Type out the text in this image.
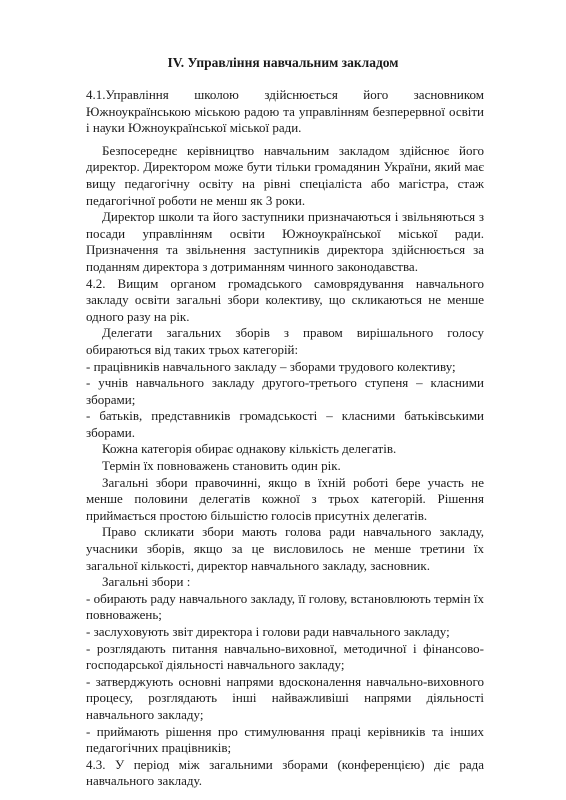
IV. Управління навчальним закладом

4.1.Управління школою здійснюється його засновником Южноукраїнською міською радою та управлінням безперервної освіти і науки Южноукраїнської міської ради.

Безпосереднє керівництво навчальним закладом здійснює його директор. Директором може бути тільки громадянин України, який має вищу педагогічну освіту на рівні спеціаліста або магістра, стаж педагогічної роботи не менш як 3 роки.

Директор школи та його заступники призначаються і звільняються з посади управлінням освіти Южноукраїнської міської ради. Призначення та звільнення заступників директора здійснюється за поданням директора з дотриманням чинного законодавства.

4.2. Вищим органом громадського самоврядування навчального закладу освіти загальні збори колективу, що скликаються не менше одного разу на рік.

Делегати загальних зборів з правом вирішального голосу обираються від таких трьох категорій:

- працівників навчального закладу – зборами трудового колективу;

- учнів навчального закладу другого-третього ступеня – класними зборами;

- батьків, представників громадськості – класними батьківськими зборами.

Кожна категорія обирає однакову кількість делегатів.

Термін їх повноважень становить один рік.

Загальні збори правочинні, якщо в їхній роботі бере участь не менше половини делегатів кожної з трьох категорій. Рішення приймається простою більшістю голосів присутніх делегатів.

Право скликати збори мають голова ради навчального закладу, учасники зборів, якщо за це висловилось не менше третини їх загальної кількості, директор навчального закладу, засновник.

Загальні збори :

- обирають раду навчального закладу, її голову, встановлюють термін їх повноважень;

- заслуховують звіт директора і голови ради навчального закладу;

- розглядають питання навчально-виховної, методичної і фінансово-господарської діяльності навчального закладу;

- затверджують основні напрями вдосконалення навчально-виховного процесу, розглядають інші найважливіші напрями діяльності навчального закладу;

- приймають рішення про стимулювання праці керівників та інших педагогічних працівників;

4.3. У період між загальними зборами (конференцією) діє рада навчального закладу.
